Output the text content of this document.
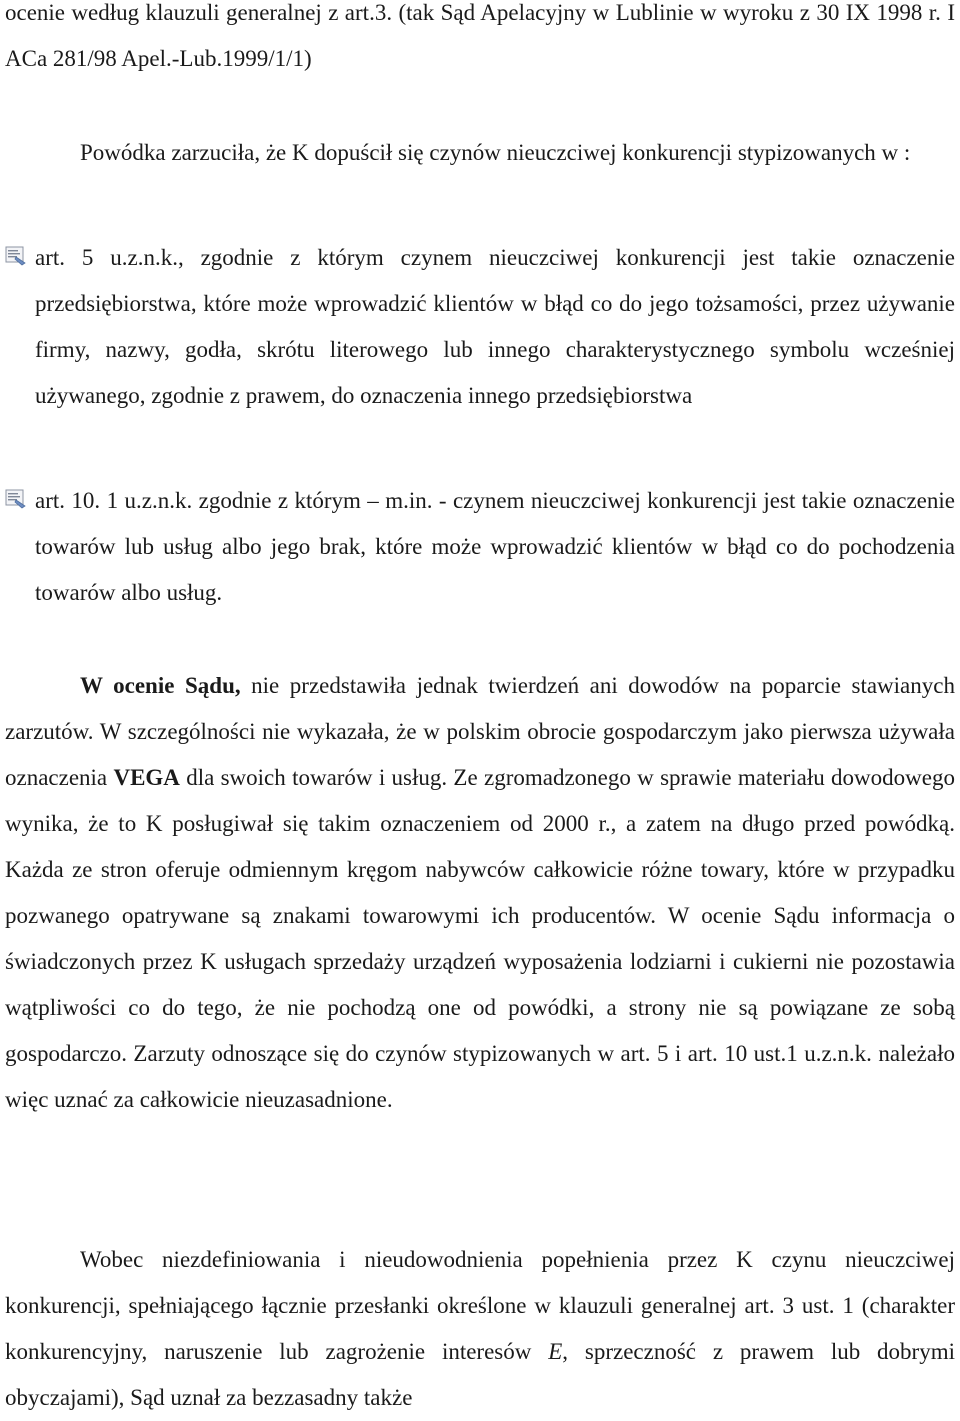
ocenie według klauzuli generalnej z art.3. (tak Sąd Apelacyjny w Lublinie w wyroku z 30 IX 1998 r. I ACa 281/98 Apel.-Lub.1999/1/1)

Powódka zarzuciła, że K dopuścił się czynów nieuczciwej konkurencji stypizowanych w :

art. 5 u.z.n.k., zgodnie z którym czynem nieuczciwej konkurencji jest takie oznaczenie przedsiębiorstwa, które może wprowadzić klientów w błąd co do jego tożsamości, przez używanie firmy, nazwy, godła, skrótu literowego lub innego charakterystycznego symbolu wcześniej używanego, zgodnie z prawem, do oznaczenia innego przedsiębiorstwa

art. 10. 1 u.z.n.k. zgodnie z którym – m.in. - czynem nieuczciwej konkurencji jest takie oznaczenie towarów lub usług albo jego brak, które może wprowadzić klientów w błąd co do pochodzenia towarów albo usług.

W ocenie Sądu, nie przedstawiła jednak twierdzeń ani dowodów na poparcie stawianych zarzutów. W szczególności nie wykazała, że w polskim obrocie gospodarczym jako pierwsza używała oznaczenia VEGA dla swoich towarów i usług. Ze zgromadzonego w sprawie materiału dowodowego wynika, że to K posługiwał się takim oznaczeniem od 2000 r., a zatem na długo przed powódką. Każda ze stron oferuje odmiennym kręgom nabywców całkowicie różne towary, które w przypadku pozwanego opatrywane są znakami towarowymi ich producentów. W ocenie Sądu informacja o świadczonych przez K usługach sprzedaży urządzeń wyposażenia lodziarni i cukierni nie pozostawia wątpliwości co do tego, że nie pochodzą one od powódki, a strony nie są powiązane ze sobą gospodarczo. Zarzuty odnoszące się do czynów stypizowanych w art. 5 i art. 10 ust.1 u.z.n.k. należało więc uznać za całkowicie nieuzasadnione.

Wobec niezdefiniowania i nieudowodnienia popełnienia przez K czynu nieuczciwej konkurencji, spełniającego łącznie przesłanki określone w klauzuli generalnej art. 3 ust. 1 (charakter konkurencyjny, naruszenie lub zagrożenie interesów E, sprzeczność z prawem lub dobrymi obyczajami), Sąd uznał za bezzasadny także
